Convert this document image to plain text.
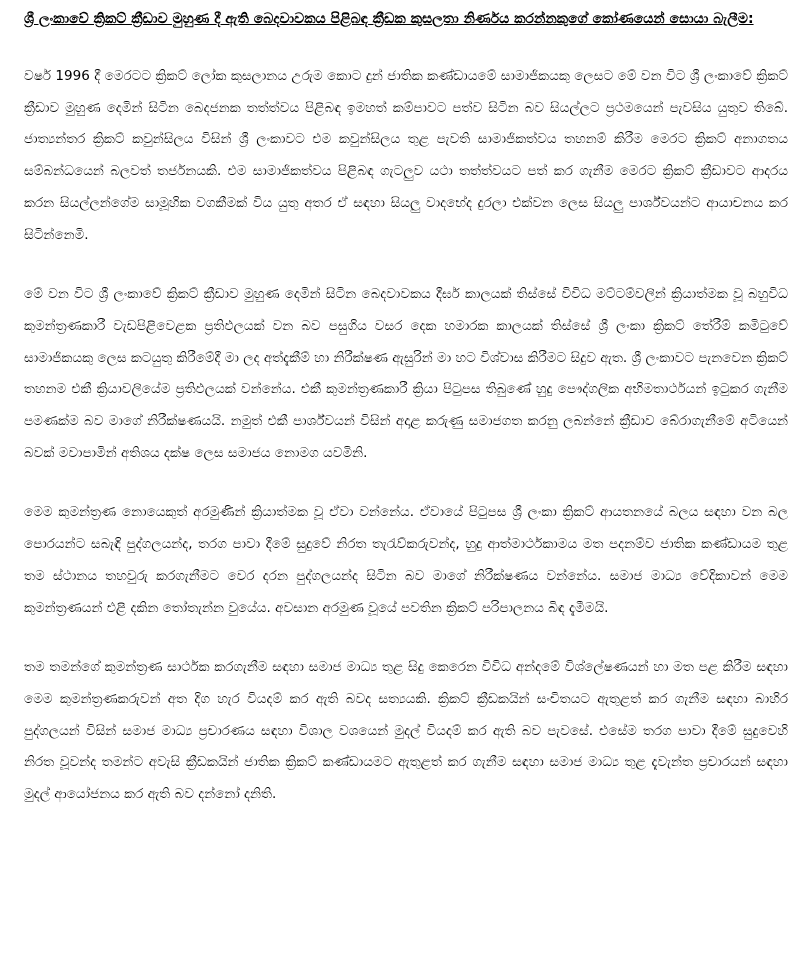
ශ්‍රී ලංකාවේ ක්‍රිකට් ක්‍රීඩාව මුහුණ දී ඇති බෙදවාවකය පිළිබඳ ක්‍රීඩක කුසලතා නිර්ණය කරන්නකුගේ කෝණයෙන් සොයා බැලීම:
වර්ෂ 1996 දී මෙරටට ක්‍රිකට් ලෝක කුසලානය උරුම කොට දුන් ජාතික කණ්ඩායමේ සාමාජිකයකු ලෙසට මේ වන විට ශ්‍රී ලංකාවේ ක්‍රිකට් ක්‍රීඩාව මුහුණ දෙමින් සිටින බෙදජනක තත්ත්වය පිළිබඳ ඉමහත් කම්පාවට පත්ව සිටින බව සියල්ලට ප්‍රථමයෙන් පැවසිය යුතුව තිබේ. ජාත්‍යන්තර ක්‍රිකට් කවුන්සිලය විසින් ශ්‍රී ලංකාවට එම කවුන්සිලය තුළ පැවති සාමාජිකත්වය තහනම් කිරීම මෙරට ක්‍රිකට් අනාගතය සම්බන්ධයෙන් බලවත් තර්ජනයකි. එම සාමාජිකත්වය පිළිබඳ ගැටලුව යථා තත්ත්වයට පත් කර ගැනීම මෙරට ක්‍රිකට් ක්‍රීඩාවට ආදරය කරන සියල්ලන්ගේම සාමූහික වගකීමක් විය යුතු අතර ඒ සඳහා සියලු වාදභේද දුරලා එක්වන ලෙස සියලු පාර්ශ්වයන්ට ආයාචනය කර සිටින්නෙමි.
මේ වන විට ශ්‍රී ලංකාවේ ක්‍රිකට් ක්‍රීඩාව මුහුණ දෙමින් සිටින බෙදවාවකය දීර්ඝ කාලයක් තිස්සේ විවිධ මට්ටම්වලින් ක්‍රියාත්මක වූ බහුවිධ කුමන්ත්‍රණකාරී වැඩපිළිවෙළක ප්‍රතිඵලයක් වන බව පසුගිය වසර දෙක හමාරක කාලයක් තිස්සේ ශ්‍රී ලංකා ක්‍රිකට් තේරීම් කමිටුවේ සාමාජිකයකු ලෙස කටයුතු කිරීමේදී මා ලද අත්දැකීම් හා නිරීක්ෂණ ඇසුරින් මා හට විශ්වාස කිරීමට සිදුව ඇත. ශ්‍රී ලංකාවට පැනවෙන ක්‍රිකට් තහනම එකී ක්‍රියාවලියේම ප්‍රතිඵලයක් වන්නේය. එකී කුමන්ත්‍රණකාරී ක්‍රියා පිටුපස තිබුණේ හුදු පෞද්ගලික අභිමතාර්ථයන් ඉටුකර ගැනීම පමණක්ම බව මාගේ නිරීක්ෂණයයි. නමුත් එකී පාර්ශ්වයන් විසින් අදාළ කරුණු සමාජගත කරනු ලබන්නේ ක්‍රීඩාව බේරාගැනීමේ අටියෙන් බවක් මවාපාමින් අතිශය දක්ෂ ලෙස සමාජය නොමග යවමිනි.
මෙම කුමන්ත්‍රණ නොයෙකුත් අරමුණින් ක්‍රියාත්මක වූ ඒවා වන්නේය. ඒවායේ පිටුපස ශ්‍රී ලංකා ක්‍රිකට් ආයතනයේ බලය සඳහා වන බල පොරයන්ට සබැඳි පුද්ගලයන්ද, තරග පාවා දීමේ සුදුවේ නිරත තැරැව්කරුවන්ද, හුදු ආත්මාර්ථකාමය මත පදනම්ව ජාතික කණ්ඩායම තුළ තම ස්ථානය තහවුරු කරගැනීමට වෙර දරන පුද්ගලයන්ද සිටින බව මාගේ නිරීක්ෂණය වන්නේය. සමාජ මාධ්‍ය වේදිකාවන් මෙම කුමන්ත්‍රණයන් එළි දකින තෝතැන්න වුයේය. අවසාන අරමුණ වූයේ පවතින ක්‍රිකට් පරිපාලනය බිඳ දැමීමයි.
තම තමන්ගේ කුමන්ත්‍රණ සාර්ථක කරගැනීම සඳහා සමාජ මාධ්‍ය තුළ සිදු කෙරෙන විවිධ අන්දමේ විශ්ලේෂණයන් හා මත පළ කිරීම සඳහා මෙම කුමන්ත්‍රණකරුවන් අත දිග හැර වියදම් කර ඇති බවද සත්‍යයකි. ක්‍රිකට් ක්‍රීඩකයින් සංචිතයට ඇතුළත් කර ගැනීම සඳහා බාහිර පුද්ගලයන් විසින් සමාජ මාධ්‍ය ප්‍රචාරණය සඳහා විශාල වශයෙන් මුදල් වියදම් කර ඇති බව පැවසේ. එසේම තරග පාවා දීමේ සුදුවෙහි නිරත වූවන්ද තමන්ට අවැසි ක්‍රීඩකයින් ජාතික ක්‍රිකට් කණ්ඩායමට ඇතුළත් කර ගැනීම සඳහා සමාජ මාධ්‍ය තුළ දැවැන්ත ප්‍රචාරයන් සඳහා මුදල් ආයෝජනය කර ඇති බව දන්නෝ දනිති.
